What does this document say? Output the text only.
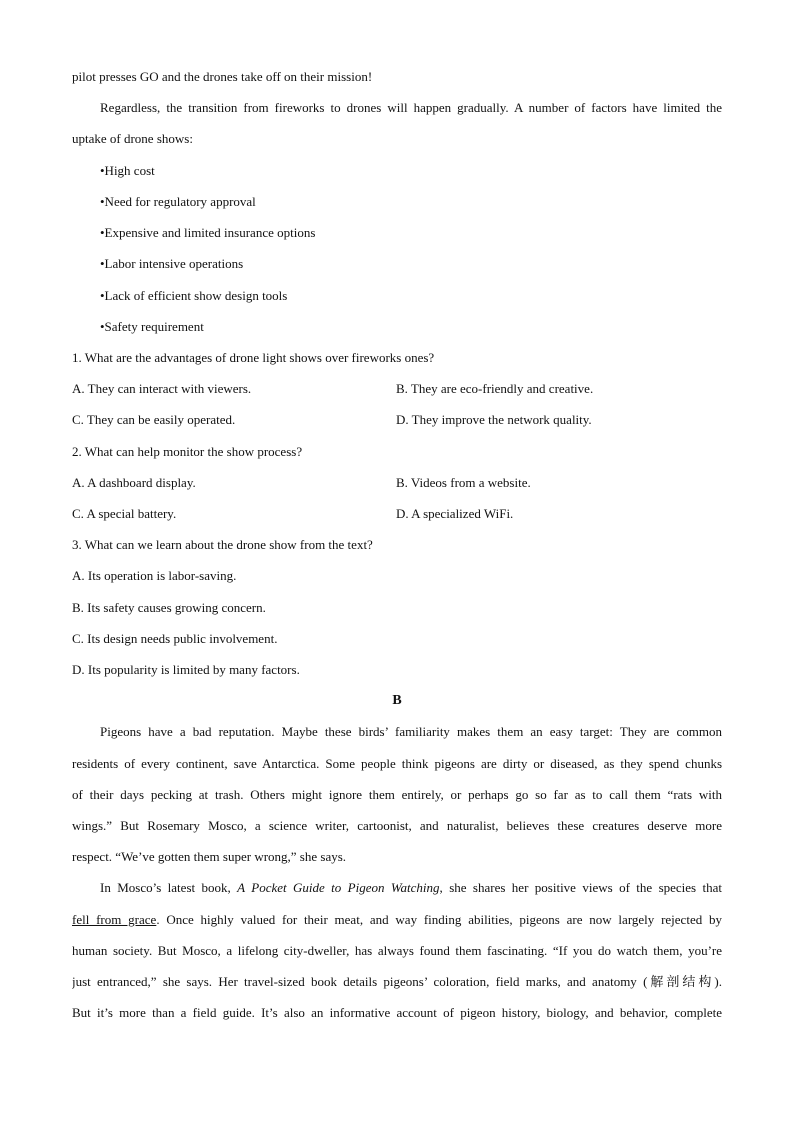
pilot presses GO and the drones take off on their mission!
Regardless, the transition from fireworks to drones will happen gradually. A number of factors have limited the
uptake of drone shows:
•High cost
•Need for regulatory approval
•Expensive and limited insurance options
•Labor intensive operations
•Lack of efficient show design tools
•Safety requirement
1. What are the advantages of drone light shows over fireworks ones?
A. They can interact with viewers.	B. They are eco-friendly and creative.
C. They can be easily operated.	D. They improve the network quality.
2. What can help monitor the show process?
A. A dashboard display.	B. Videos from a website.
C. A special battery.	D. A specialized WiFi.
3. What can we learn about the drone show from the text?
A. Its operation is labor-saving.
B. Its safety causes growing concern.
C. Its design needs public involvement.
D. Its popularity is limited by many factors.
B
Pigeons have a bad reputation. Maybe these birds’ familiarity makes them an easy target: They are common
residents of every continent, save Antarctica. Some people think pigeons are dirty or diseased, as they spend chunks
of their days pecking at trash. Others might ignore them entirely, or perhaps go so far as to call them “rats with
wings.” But Rosemary Mosco, a science writer, cartoonist, and naturalist, believes these creatures deserve more
respect. “We’ve gotten them super wrong,” she says.
In Mosco’s latest book, A Pocket Guide to Pigeon Watching, she shares her positive views of the species that
fell from grace. Once highly valued for their meat, and way finding abilities, pigeons are now largely rejected by
human society. But Mosco, a lifelong city-dweller, has always found them fascinating. “If you do watch them, you’re
just entranced,” she says. Her travel-sized book details pigeons’ coloration, field marks, and anatomy (解剖结构).
But it’s more than a field guide. It’s also an informative account of pigeon history, biology, and behavior, complete
